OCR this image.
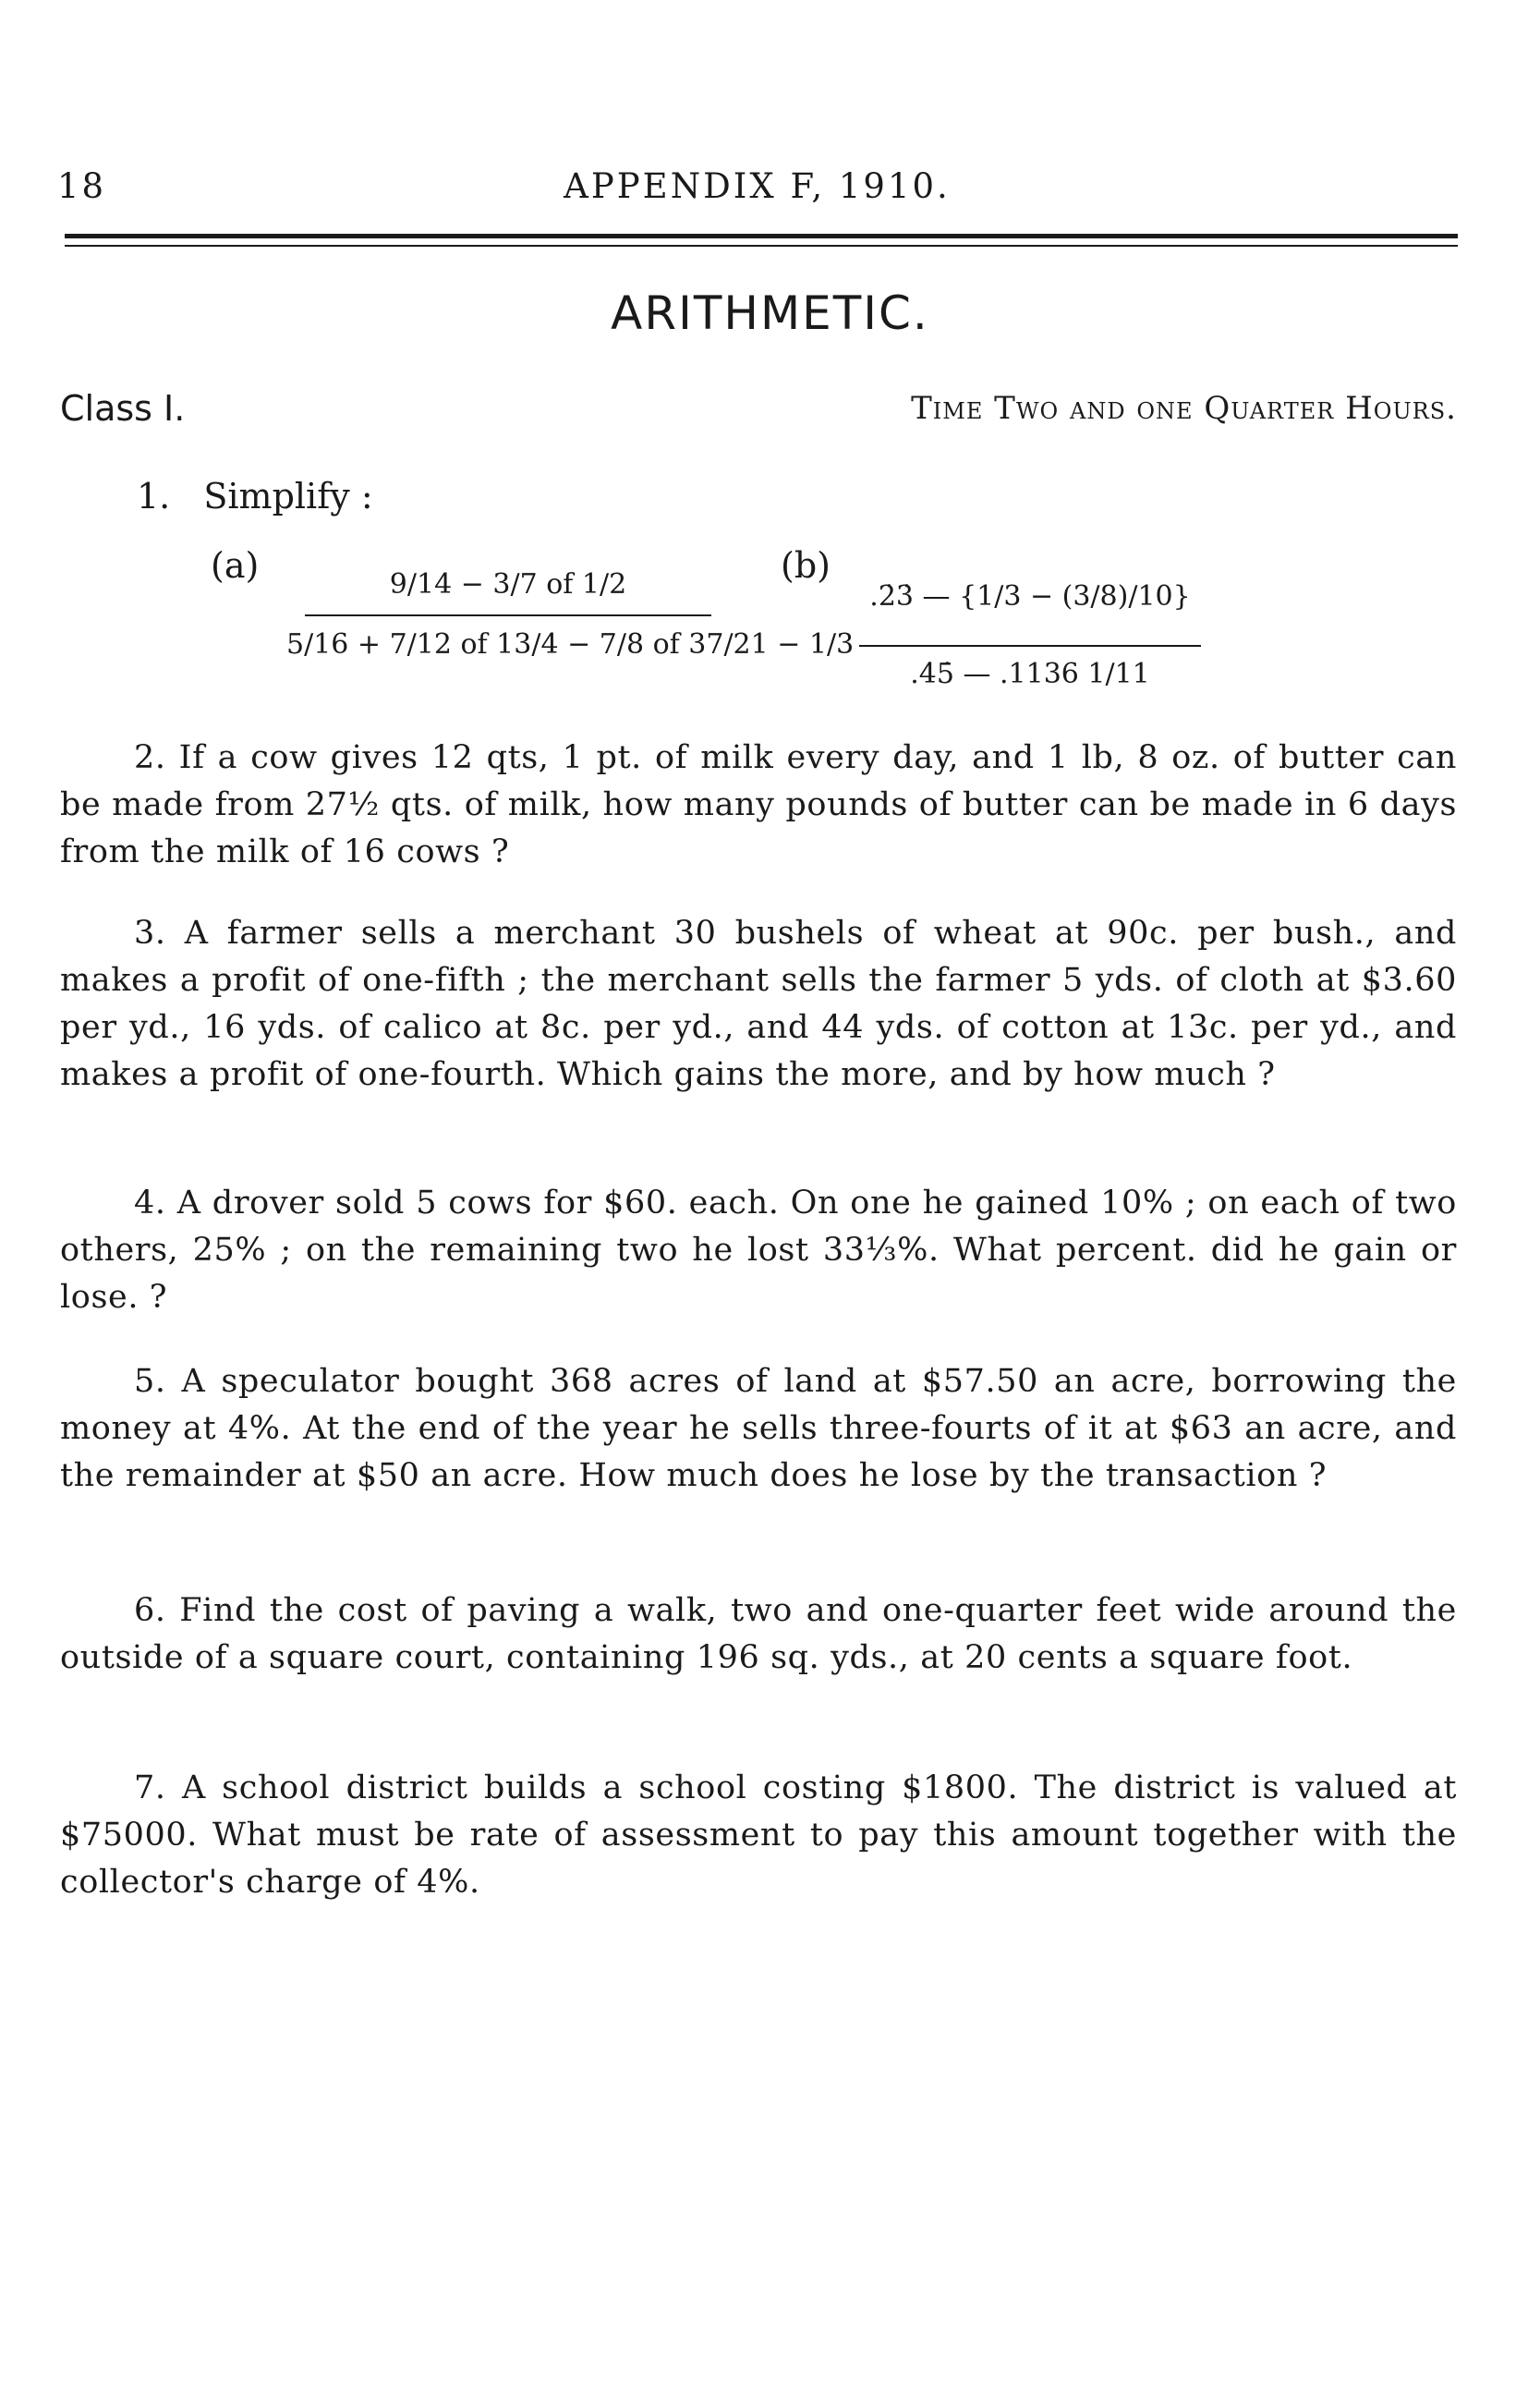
18	APPENDIX F, 1910.
ARITHMETIC.
Class I.	Time Two and one Quarter Hours.
1. Simplify :
(a)	9/14 − 3/7 of 1/2
5/16 + 7/12 of 13/4 − 7/8 of 37/21 − 1/3
(b)
.2̇3̇ — {1/3 − (3/8)/10}
.4̇5̇ — .1136 1/11
2. If a cow gives 12 qts, 1 pt. of milk every day, and 1 lb, 8 oz. of butter can be made from 27½ qts. of milk, how many pounds of butter can be made in 6 days from the milk of 16 cows ?
3. A farmer sells a merchant 30 bushels of wheat at 90c. per bush., and makes a profit of one-fifth ; the merchant sells the farmer 5 yds. of cloth at $3.60 per yd., 16 yds. of calico at 8c. per yd., and 44 yds. of cotton at 13c. per yd., and makes a profit of one-fourth. Which gains the more, and by how much ?
4. A drover sold 5 cows for $60. each. On one he gained 10% ; on each of two others, 25% ; on the remaining two he lost 33⅓%. What percent. did he gain or lose. ?
5. A speculator bought 368 acres of land at $57.50 an acre, borrowing the money at 4%. At the end of the year he sells three-fourts of it at $63 an acre, and the remainder at $50 an acre. How much does he lose by the transaction ?
6. Find the cost of paving a walk, two and one-quarter feet wide around the outside of a square court, containing 196 sq. yds., at 20 cents a square foot.
7. A school district builds a school costing $1800. The district is valued at $75000. What must be rate of assessment to pay this amount together with the collector's charge of 4%.
